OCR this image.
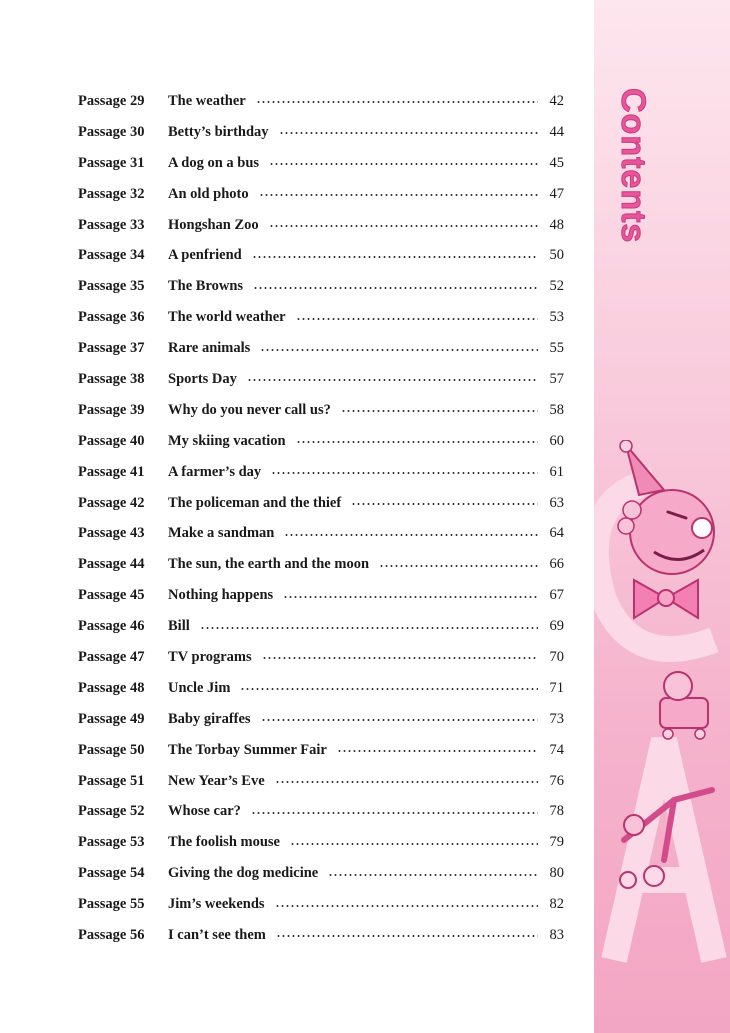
Passage 29	The weather	42
Passage 30	Betty’s birthday	44
Passage 31	A dog on a bus	45
Passage 32	An old photo	47
Passage 33	Hongshan Zoo	48
Passage 34	A penfriend	50
Passage 35	The Browns	52
Passage 36	The world weather	53
Passage 37	Rare animals	55
Passage 38	Sports Day	57
Passage 39	Why do you never call us?	58
Passage 40	My skiing vacation	60
Passage 41	A farmer’s day	61
Passage 42	The policeman and the thief	63
Passage 43	Make a sandman	64
Passage 44	The sun, the earth and the moon	66
Passage 45	Nothing happens	67
Passage 46	Bill	69
Passage 47	TV programs	70
Passage 48	Uncle Jim	71
Passage 49	Baby giraffes	73
Passage 50	The Torbay Summer Fair	74
Passage 51	New Year’s Eve	76
Passage 52	Whose car?	78
Passage 53	The foolish mouse	79
Passage 54	Giving the dog medicine	80
Passage 55	Jim’s weekends	82
Passage 56	I can’t see them	83
Contents
